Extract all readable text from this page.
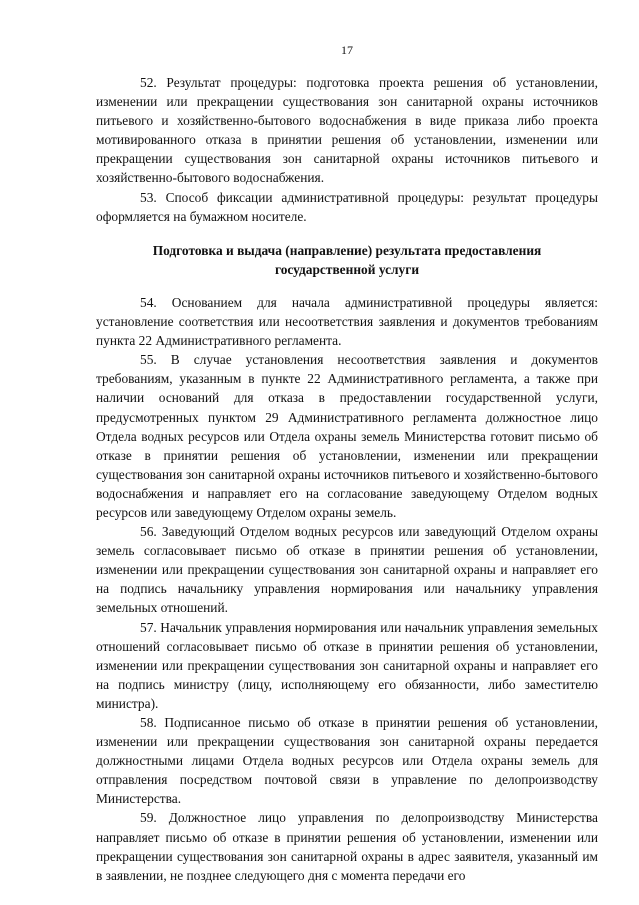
17

52. Результат процедуры: подготовка проекта решения об установлении, изменении или прекращении существования зон санитарной охраны источников питьевого и хозяйственно-бытового водоснабжения в виде приказа либо проекта мотивированного отказа в принятии решения об установлении, изменении или прекращении существования зон санитарной охраны источников питьевого и хозяйственно-бытового водоснабжения.

53. Способ фиксации административной процедуры: результат процедуры оформляется на бумажном носителе.

Подготовка и выдача (направление) результата предоставления
государственной услуги

54. Основанием для начала административной процедуры является: установление соответствия или несоответствия заявления и документов требованиям пункта 22 Административного регламента.

55. В случае установления несоответствия заявления и документов требованиям, указанным в пункте 22 Административного регламента, а также при наличии оснований для отказа в предоставлении государственной услуги, предусмотренных пунктом 29 Административного регламента должностное лицо Отдела водных ресурсов или Отдела охраны земель Министерства готовит письмо об отказе в принятии решения об установлении, изменении или прекращении существования зон санитарной охраны источников питьевого и хозяйственно-бытового водоснабжения и направляет его на согласование заведующему Отделом водных ресурсов или заведующему Отделом охраны земель.

56. Заведующий Отделом водных ресурсов или заведующий Отделом охраны земель согласовывает письмо об отказе в принятии решения об установлении, изменении или прекращении существования зон санитарной охраны и направляет его на подпись начальнику управления нормирования или начальнику управления земельных отношений.

57. Начальник управления нормирования или начальник управления земельных отношений согласовывает письмо об отказе в принятии решения об установлении, изменении или прекращении существования зон санитарной охраны и направляет его на подпись министру (лицу, исполняющему его обязанности, либо заместителю министра).

58. Подписанное письмо об отказе в принятии решения об установлении, изменении или прекращении существования зон санитарной охраны передается должностными лицами Отдела водных ресурсов или Отдела охраны земель для отправления посредством почтовой связи в управление по делопроизводству Министерства.

59. Должностное лицо управления по делопроизводству Министерства направляет письмо об отказе в принятии решения об установлении, изменении или прекращении существования зон санитарной охраны в адрес заявителя, указанный им в заявлении, не позднее следующего дня с момента передачи его
